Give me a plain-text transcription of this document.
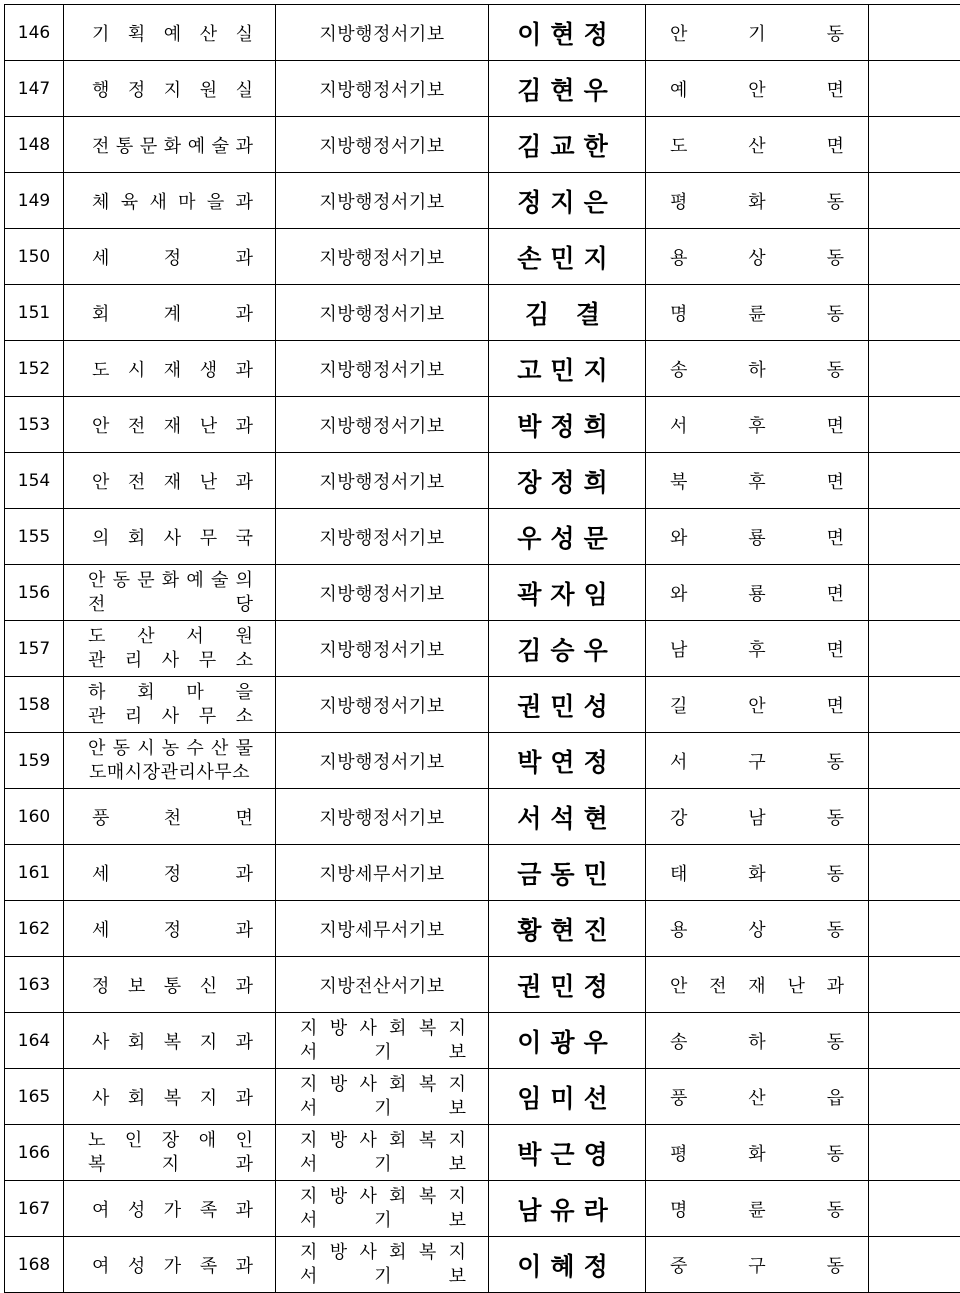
146	기 획 예 산 실	지방행정서기보	이현정	안 기 동	

147	행 정 지 원 실	지방행정서기보	김현우	예 안 면	

148	전 통 문 화 예 술 과	지방행정서기보	김교한	도 산 면	

149	체 육 새 마 을 과	지방행정서기보	정지은	평 화 동	

150	세 정 과	지방행정서기보	손민지	용 상 동	

151	회 계 과	지방행정서기보	김 결	명 륜 동	

152	도 시 재 생 과	지방행정서기보	고민지	송 하 동	

153	안 전 재 난 과	지방행정서기보	박정희	서 후 면	

154	안 전 재 난 과	지방행정서기보	장정희	북 후 면	

155	의 회 사 무 국	지방행정서기보	우성문	와 룡 면	

156	안 동 문 화 예 술 의
전 당	지방행정서기보	곽자임	와 룡 면	

157	도 산 서 원
관 리 사 무 소	지방행정서기보	김승우	남 후 면	

158	하 회 마 을
관 리 사 무 소	지방행정서기보	권민성	길 안 면	

159	안 동 시 농 수 산 물
도매시장관리사무소	지방행정서기보	박연정	서 구 동	

160	풍 천 면	지방행정서기보	서석현	강 남 동	

161	세 정 과	지방세무서기보	금동민	태 화 동	

162	세 정 과	지방세무서기보	황현진	용 상 동	

163	정 보 통 신 과	지방전산서기보	권민정	안 전 재 난 과	

164	사 회 복 지 과	지 방 사 회 복 지
서 기 보	이광우	송 하 동	

165	사 회 복 지 과	지 방 사 회 복 지
서 기 보	임미선	풍 산 읍	

166	노 인 장 애 인
복 지 과	지 방 사 회 복 지
서 기 보	박근영	평 화 동	

167	여 성 가 족 과	지 방 사 회 복 지
서 기 보	남유라	명 륜 동	

168	여 성 가 족 과	지 방 사 회 복 지
서 기 보	이혜정	중 구 동	
